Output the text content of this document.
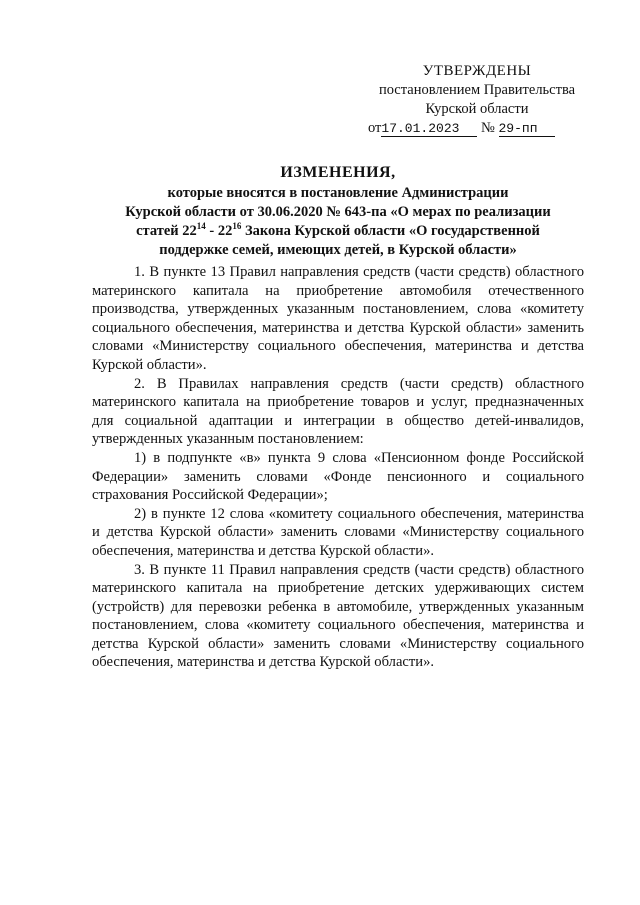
УТВЕРЖДЕНЫ
постановлением Правительства
Курской области
от17.01.2023 № 29-пп
ИЗМЕНЕНИЯ,
которые вносятся в постановление Администрации
Курской области от 30.06.2020 № 643-па «О мерах по реализации
статей $22^{14} - 22^{16}$ Закона Курской области «О государственной
поддержке семей, имеющих детей, в Курской области»

1. В пункте 13 Правил направления средств (части средств) областного материнского капитала на приобретение автомобиля отечественного производства, утвержденных указанным постановлением, слова «комитету социального обеспечения, материнства и детства Курской области» заменить словами «Министерству социального обеспечения, материнства и детства Курской области».

2. В Правилах направления средств (части средств) областного материнского капитала на приобретение товаров и услуг, предназначенных для социальной адаптации и интеграции в общество детей-инвалидов, утвержденных указанным постановлением:

1) в подпункте «в» пункта 9 слова «Пенсионном фонде Российской Федерации» заменить словами «Фонде пенсионного и социального страхования Российской Федерации»;

2) в пункте 12 слова «комитету социального обеспечения, материнства и детства Курской области» заменить словами «Министерству социального обеспечения, материнства и детства Курской области».

3. В пункте 11 Правил направления средств (части средств) областного материнского капитала на приобретение детских удерживающих систем (устройств) для перевозки ребенка в автомобиле, утвержденных указанным постановлением, слова «комитету социального обеспечения, материнства и детства Курской области» заменить словами «Министерству социального обеспечения, материнства и детства Курской области».
